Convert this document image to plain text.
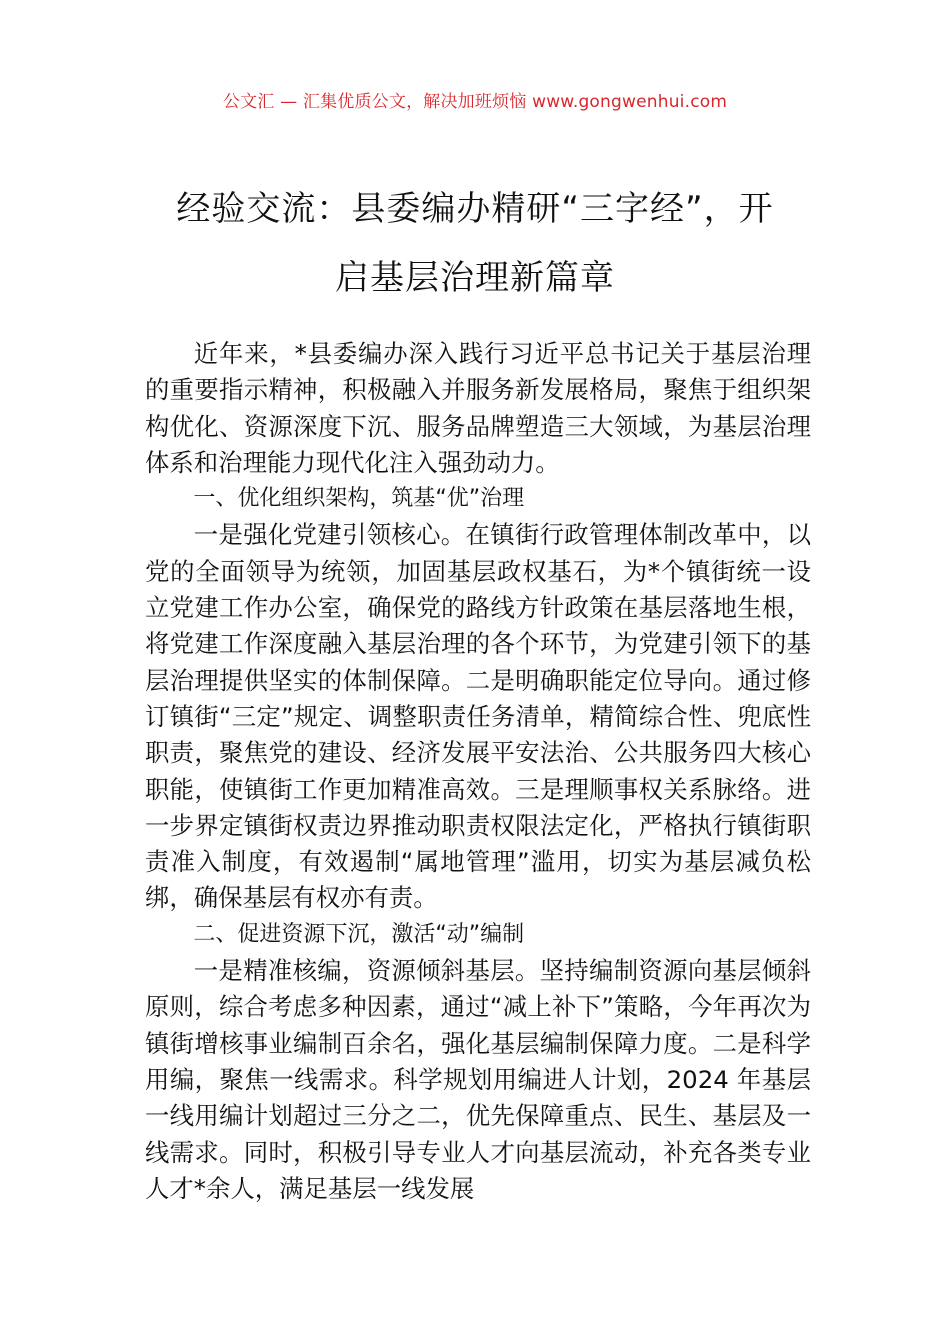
公文汇 — 汇集优质公文，解决加班烦恼 www.gongwenhui.com
经验交流：县委编办精研“三字经”，开
启基层治理新篇章

近年来，*县委编办深入践行习近平总书记关于基层治理的重要指示精神，积极融入并服务新发展格局，聚焦于组织架构优化、资源深度下沉、服务品牌塑造三大领域，为基层治理体系和治理能力现代化注入强劲动力。

一、优化组织架构，筑基“优”治理

一是强化党建引领核心。在镇街行政管理体制改革中，以党的全面领导为统领，加固基层政权基石，为*个镇街统一设立党建工作办公室，确保党的路线方针政策在基层落地生根，将党建工作深度融入基层治理的各个环节，为党建引领下的基层治理提供坚实的体制保障。二是明确职能定位导向。通过修订镇街“三定”规定、调整职责任务清单，精简综合性、兜底性职责，聚焦党的建设、经济发展平安法治、公共服务四大核心职能，使镇街工作更加精准高效。三是理顺事权关系脉络。进一步界定镇街权责边界推动职责权限法定化，严格执行镇街职责准入制度，有效遏制“属地管理”滥用，切实为基层减负松绑，确保基层有权亦有责。

二、促进资源下沉，激活“动”编制

一是精准核编，资源倾斜基层。坚持编制资源向基层倾斜原则，综合考虑多种因素，通过“减上补下”策略，今年再次为镇街增核事业编制百余名，强化基层编制保障力度。二是科学用编，聚焦一线需求。科学规划用编进人计划，2024 年基层一线用编计划超过三分之二，优先保障重点、民生、基层及一线需求。同时，积极引导专业人才向基层流动，补充各类专业人才*余人，满足基层一线发展
